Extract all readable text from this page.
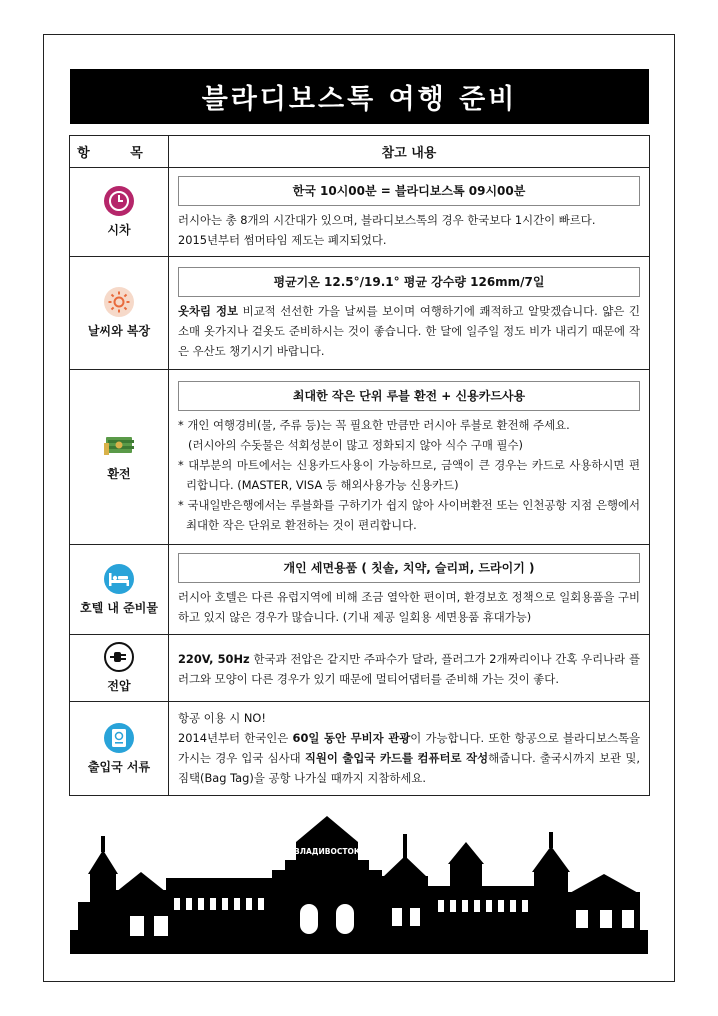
블라디보스톡 여행 준비
항 목	참고 내용

시차	한국 10시00분 = 블라디보스톡 09시00분
러시아는 총 8개의 시간대가 있으며, 블라디보스톡의 경우 한국보다 1시간이 빠르다.
2015년부터 썸머타임 제도는 폐지되었다.

날씨와 복장	평균기온 12.5°/19.1° 평균 강수량 126mm/7일
옷차림 정보 비교적 선선한 가을 날씨를 보이며 여행하기에 쾌적하고 알맞겠습니다. 얇은 긴 소매 옷가지나 겉옷도 준비하시는 것이 좋습니다. 한 달에 일주일 정도 비가 내리기 때문에 작은 우산도 챙기시기 바랍니다.

환전	최대한 작은 단위 루블 환전 + 신용카드사용
* 개인 여행경비(물, 주류 등)는 꼭 필요한 만큼만 러시아 루블로 환전해 주세요.
(러시아의 수돗물은 석회성분이 많고 정화되지 않아 식수 구매 필수)
* 대부분의 마트에서는 신용카드사용이 가능하므로, 금액이 큰 경우는 카드로 사용하시면 편리합니다. (MASTER, VISA 등 해외사용가능 신용카드)
* 국내일반은행에서는 루블화를 구하기가 쉽지 않아 사이버환전 또는 인천공항 지점 은행에서 최대한 작은 단위로 환전하는 것이 편리합니다.

호텔 내 준비물	개인 세면용품 ( 칫솔, 치약, 슬리퍼, 드라이기 )
러시아 호텔은 다른 유럽지역에 비해 조금 열악한 편이며, 환경보호 정책으로 일회용품을 구비하고 있지 않은 경우가 많습니다. (기내 제공 일회용 세면용품 휴대가능)

전압	220V, 50Hz 한국과 전압은 같지만 주파수가 달라, 플러그가 2개짜리이나 간혹 우리나라 플러그와 모양이 다른 경우가 있기 때문에 멀티어댑터를 준비해 가는 것이 좋다.

출입국 서류	항공 이용 시 NO!
2014년부터 한국인은 60일 동안 무비자 관광이 가능합니다. 또한 항공으로 블라디보스톡을 가시는 경우 입국 심사대 직원이 출입국 카드를 컴퓨터로 작성해줍니다. 출국시까지 보관 및, 짐택(Bag Tag)을 공항 나가실 때까지 지참하세요.
ВЛАДИВОСТОК
